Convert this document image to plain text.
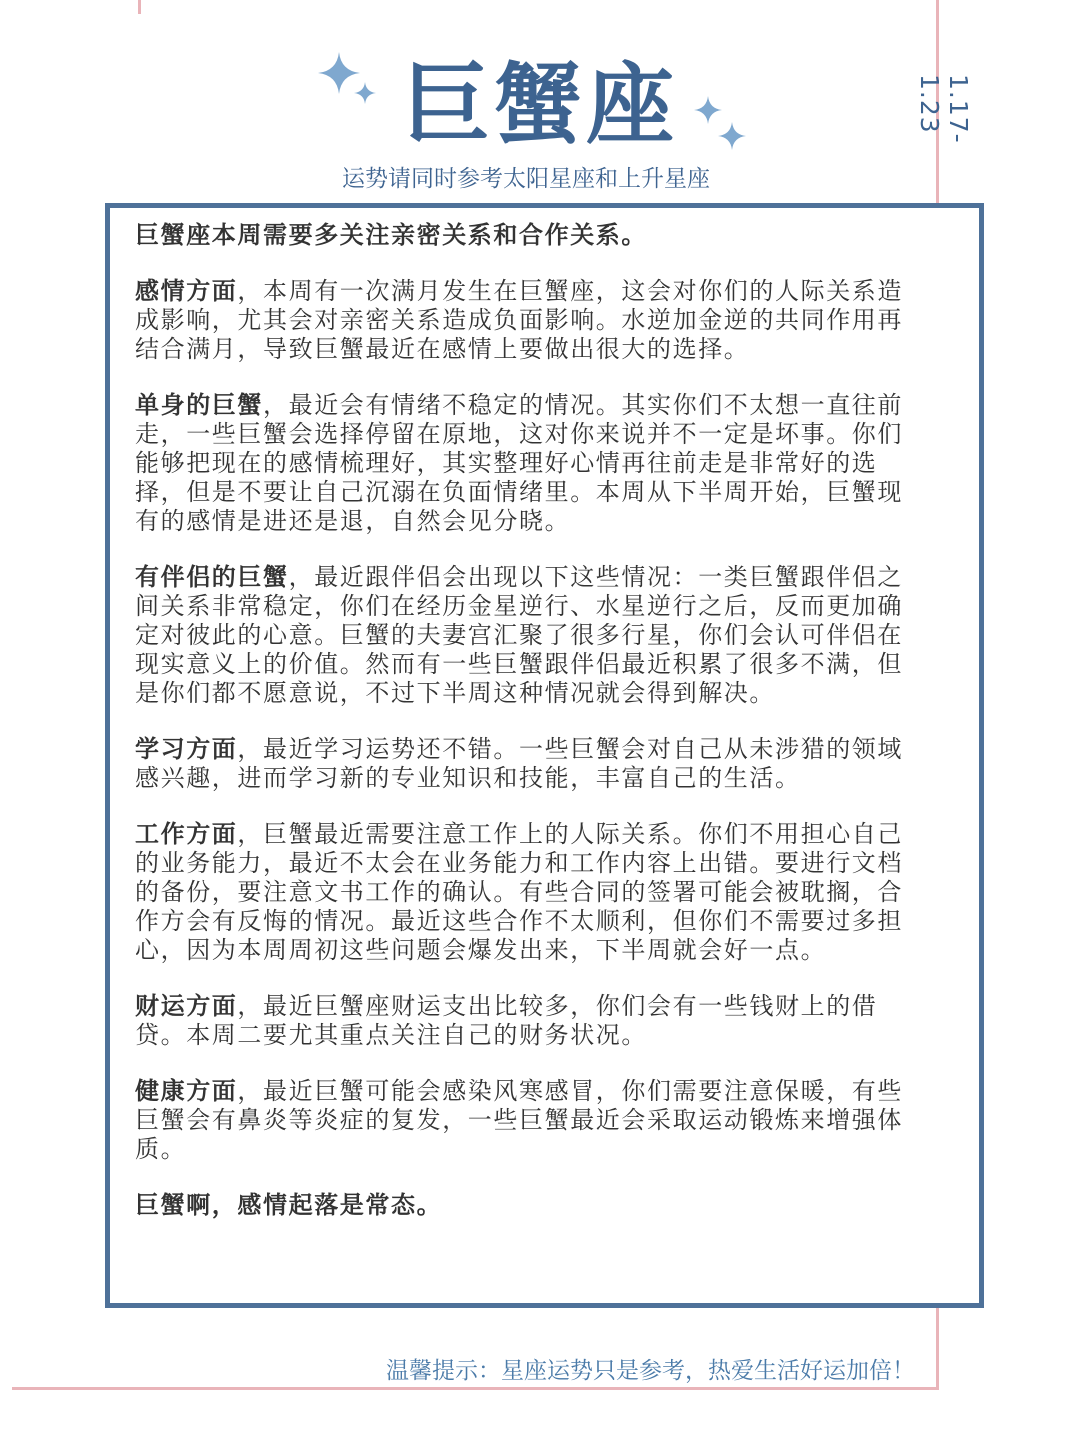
巨蟹座
运势请同时参考太阳星座和上升星座
1.17-1.23

巨蟹座本周需要多关注亲密关系和合作关系。

感情方面，本周有一次满月发生在巨蟹座，这会对你们的人际关系造成影响，尤其会对亲密关系造成负面影响。水逆加金逆的共同作用再结合满月，导致巨蟹最近在感情上要做出很大的选择。

单身的巨蟹，最近会有情绪不稳定的情况。其实你们不太想一直往前走，一些巨蟹会选择停留在原地，这对你来说并不一定是坏事。你们能够把现在的感情梳理好，其实整理好心情再往前走是非常好的选择，但是不要让自己沉溺在负面情绪里。本周从下半周开始，巨蟹现有的感情是进还是退，自然会见分晓。

有伴侣的巨蟹，最近跟伴侣会出现以下这些情况：一类巨蟹跟伴侣之间关系非常稳定，你们在经历金星逆行、水星逆行之后，反而更加确定对彼此的心意。巨蟹的夫妻宫汇聚了很多行星，你们会认可伴侣在现实意义上的价值。然而有一些巨蟹跟伴侣最近积累了很多不满，但是你们都不愿意说，不过下半周这种情况就会得到解决。

学习方面，最近学习运势还不错。一些巨蟹会对自己从未涉猎的领域感兴趣，进而学习新的专业知识和技能，丰富自己的生活。

工作方面，巨蟹最近需要注意工作上的人际关系。你们不用担心自己的业务能力，最近不太会在业务能力和工作内容上出错。要进行文档的备份，要注意文书工作的确认。有些合同的签署可能会被耽搁，合作方会有反悔的情况。最近这些合作不太顺利，但你们不需要过多担心，因为本周周初这些问题会爆发出来，下半周就会好一点。

财运方面，最近巨蟹座财运支出比较多，你们会有一些钱财上的借贷。本周二要尤其重点关注自己的财务状况。

健康方面，最近巨蟹可能会感染风寒感冒，你们需要注意保暖，有些巨蟹会有鼻炎等炎症的复发，一些巨蟹最近会采取运动锻炼来增强体质。

巨蟹啊，感情起落是常态。

温馨提示：星座运势只是参考，热爱生活好运加倍！
